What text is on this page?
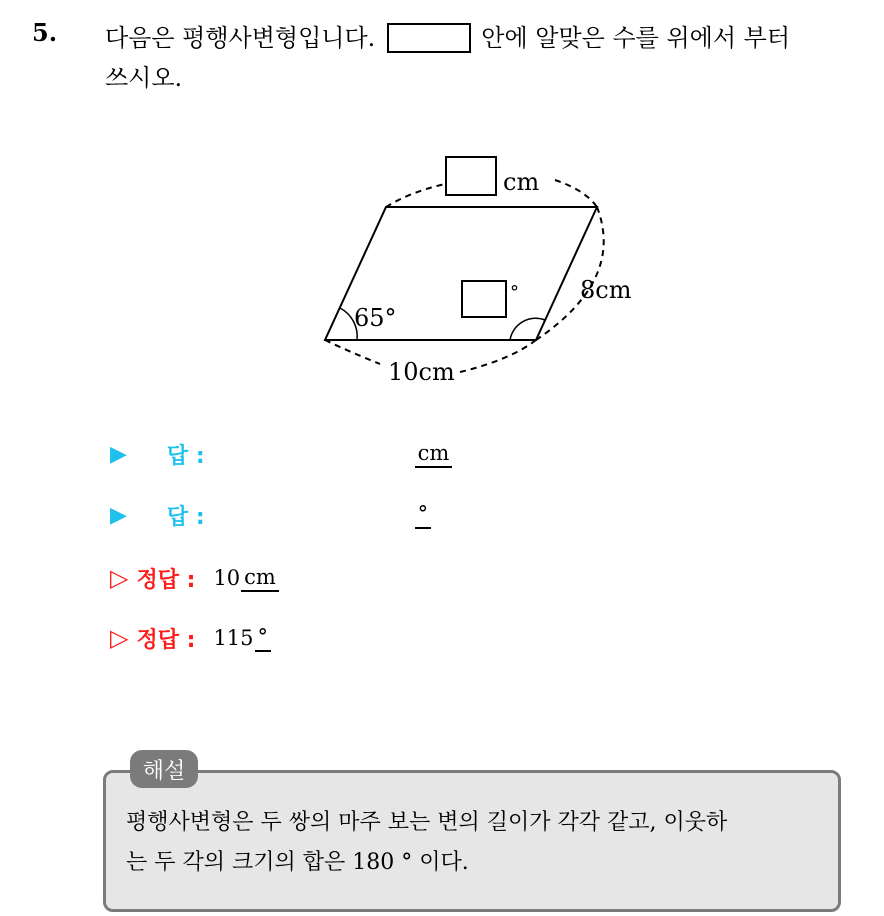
5. 다음은 평행사변형입니다.	안에 알맞은 수를 위에서 부터
쓰시오.
cm
8cm
65°
10cm
°
▶ 답 :	cm
▶ 답 :	°
▷ 정답 : 10 cm
▷ 정답 : 115 °
해설
평행사변형은 두 쌍의 마주 보는 변의 길이가 각각 같고, 이웃하
는 두 각의 크기의 합은 180 ° 이다.
